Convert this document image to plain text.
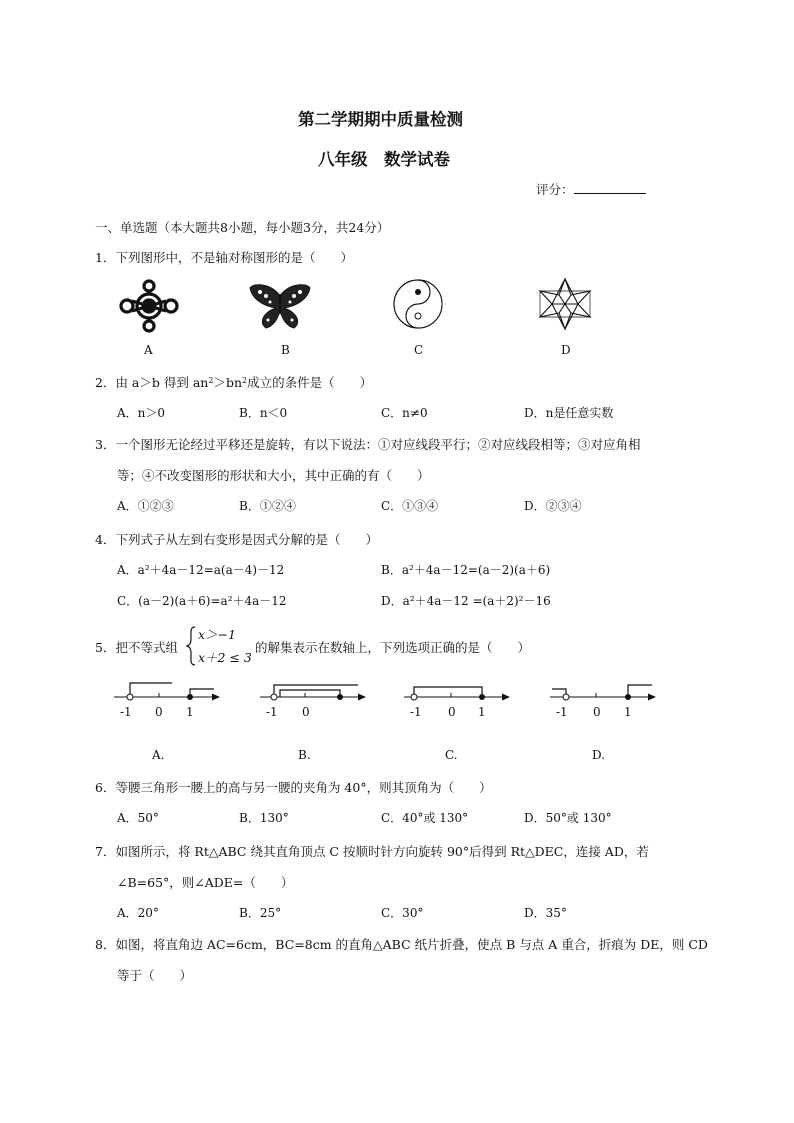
第二学期期中质量检测
八年级　数学试卷
评分：
一、单选题（本大题共8小题，每小题3分，共24分）
1．下列图形中，不是轴对称图形的是（　　）
A	B	C	D
2．由 a＞b 得到 $an^2>bn^2$成立的条件是（　　）
A．n＞0	B．n＜0	C．n≠0	D．n是任意实数
3．一个图形无论经过平移还是旋转，有以下说法：①对应线段平行；②对应线段相等；③对应角相
等；④不改变图形的形状和大小，其中正确的有（　　）
A．①②③	B．①②④	C．①③④	D．②③④
4．下列式子从左到右变形是因式分解的是（　　）
A．a²＋4a－12=a(a－4)－12	B．a²＋4a－12=(a－2)(a＋6)
C．(a－2)(a＋6)=a²＋4a－12	D．a²＋4a－12 =(a＋2)²－16
5．把不等式组
x＞−1
x＋2 ≤ 3
的解集表示在数轴上，下列选项正确的是（　　）
-1 0 1	-1 0	-1 0 1	-1 0 1
A.	B.	C.	D.
6．等腰三角形一腰上的高与另一腰的夹角为 40°，则其顶角为（　　）
A．50°	B．130°	C．40°或 130°	D．50°或 130°
7．如图所示，将 Rt△ABC 绕其直角顶点 C 按顺时针方向旋转 90°后得到 Rt△DEC，连接 AD，若
∠B=65°，则∠ADE=（　　）
A．20°	B．25°	C．30°	D．35°
8．如图，将直角边 AC=6cm，BC=8cm 的直角△ABC 纸片折叠，使点 B 与点 A 重合，折痕为 DE，则 CD
等于（　　）
